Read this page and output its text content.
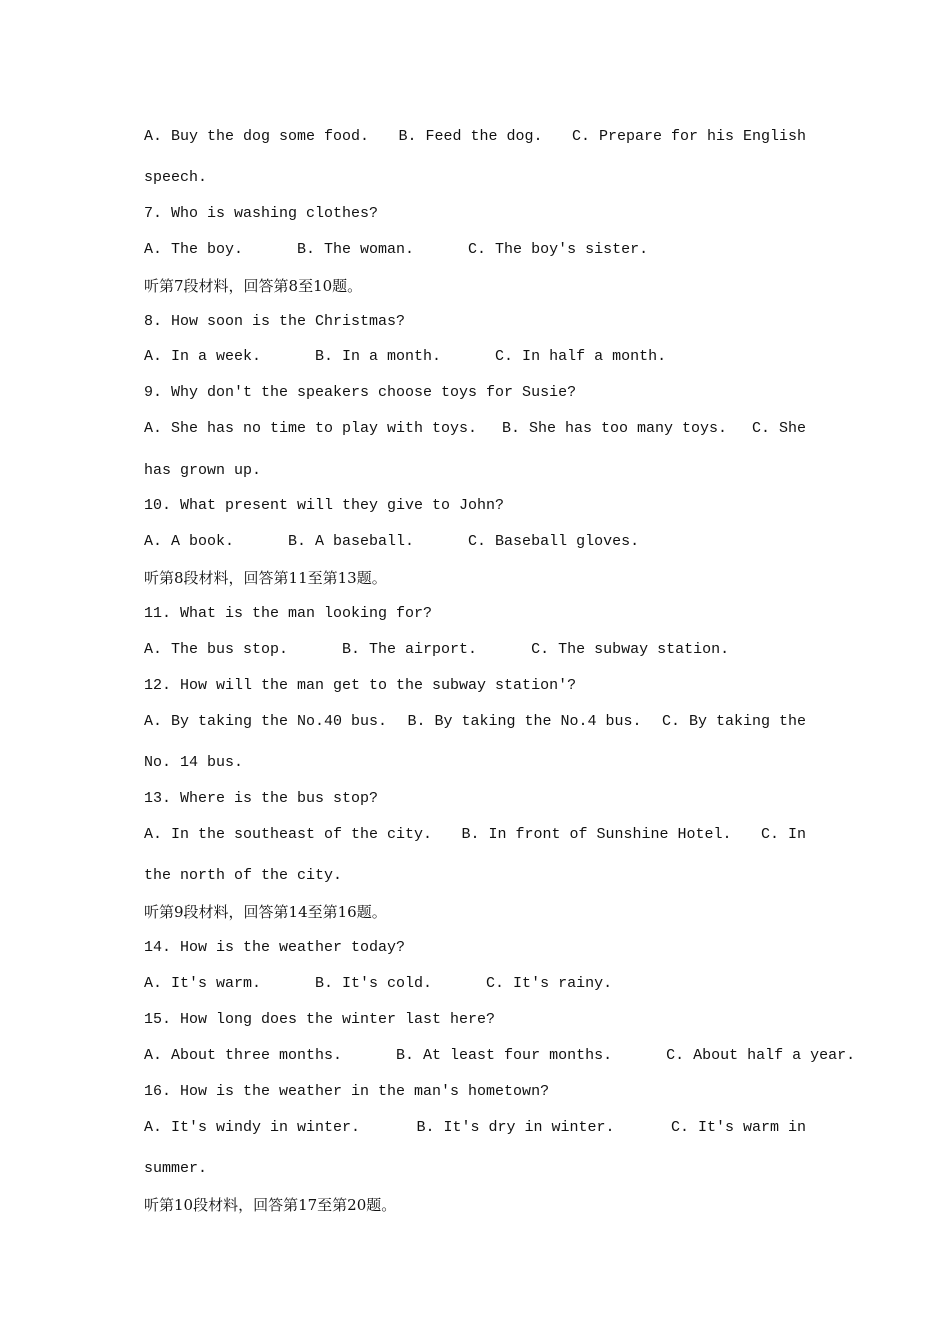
A. Buy the dog some food. B. Feed the dog. C. Prepare for his English
speech.
7. Who is washing clothes?
A. The boy.      B. The woman.      C. The boy's sister.
听第7段材料，回答第8至10题。
8. How soon is the Christmas?
A. In a week.      B. In a month.      C. In half a month.
9. Why don't the speakers choose toys for Susie?
A. She has no time to play with toys. B. She has too many toys. C. She
has grown up.
10. What present will they give to John?
A. A book.      B. A baseball.      C. Baseball gloves.
听第8段材料，回答第11至第13题。
11. What is the man looking for?
A. The bus stop.      B. The airport.      C. The subway station.
12. How will the man get to the subway station'?
A. By taking the No.40 bus. B. By taking the No.4 bus. C. By taking the
No. 14 bus.
13. Where is the bus stop?
A. In the southeast of the city. B. In front of Sunshine Hotel. C. In
the north of the city.
听第9段材料，回答第14至第16题。
14. How is the weather today?
A. It's warm.      B. It's cold.      C. It's rainy.
15. How long does the winter last here?
A. About three months.      B. At least four months.      C. About half a year.
16. How is the weather in the man's hometown?
A. It's windy in winter.	B. It's dry in winter.	C. It's warm in
summer.
听第10段材料，回答第17至第20题。
